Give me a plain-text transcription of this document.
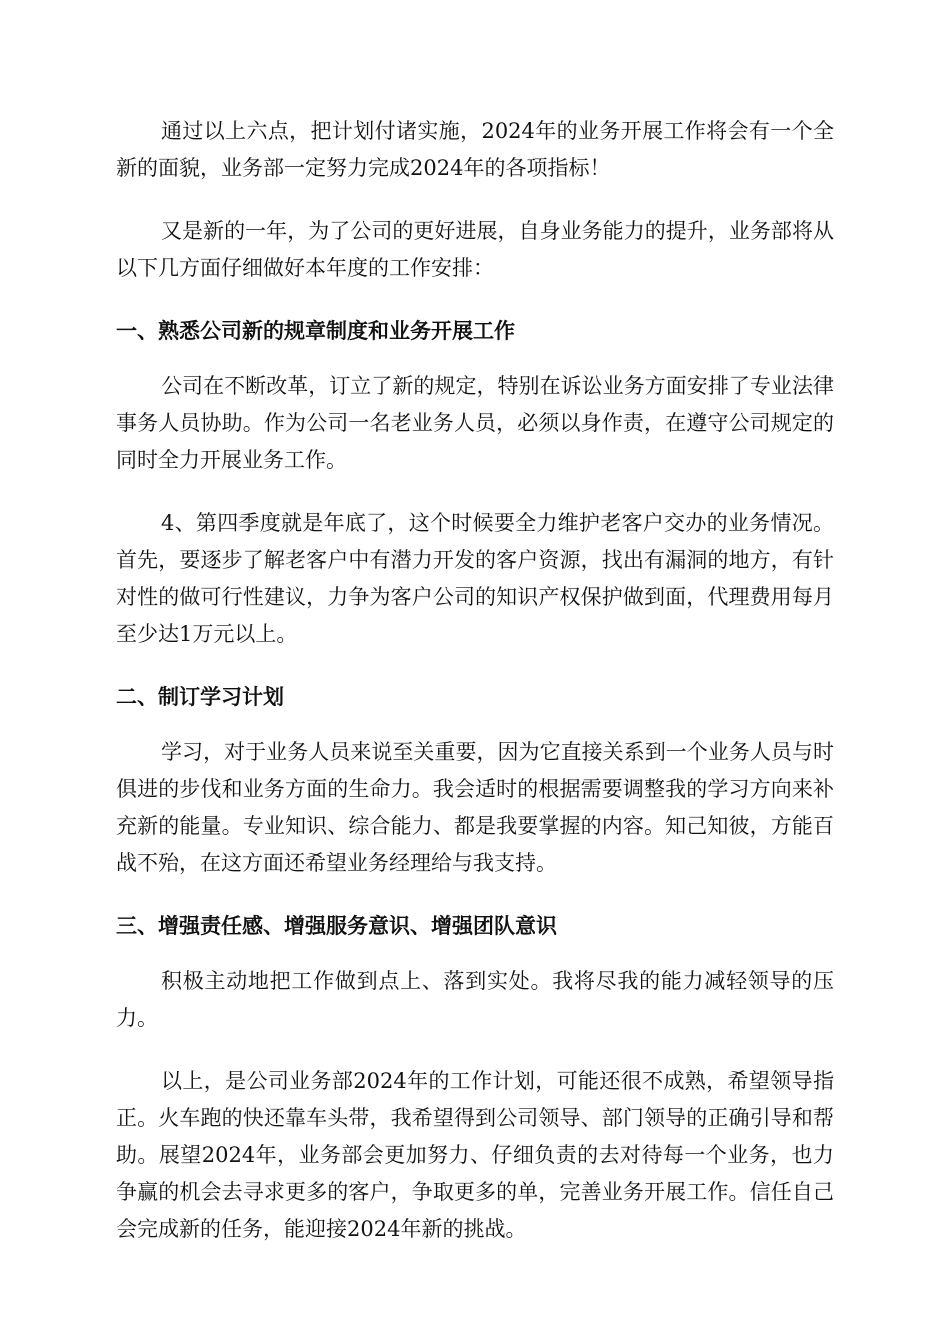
通过以上六点，把计划付诸实施，2024年的业务开展工作将会有一个全新的面貌，业务部一定努力完成2024年的各项指标！

又是新的一年，为了公司的更好进展，自身业务能力的提升，业务部将从以下几方面仔细做好本年度的工作安排：

一、熟悉公司新的规章制度和业务开展工作

公司在不断改革，订立了新的规定，特别在诉讼业务方面安排了专业法律事务人员协助。作为公司一名老业务人员，必须以身作责，在遵守公司规定的同时全力开展业务工作。

4、第四季度就是年底了，这个时候要全力维护老客户交办的业务情况。首先，要逐步了解老客户中有潜力开发的客户资源，找出有漏洞的地方，有针对性的做可行性建议，力争为客户公司的知识产权保护做到面，代理费用每月至少达1万元以上。

二、制订学习计划

学习，对于业务人员来说至关重要，因为它直接关系到一个业务人员与时俱进的步伐和业务方面的生命力。我会适时的根据需要调整我的学习方向来补充新的能量。专业知识、综合能力、都是我要掌握的内容。知己知彼，方能百战不殆，在这方面还希望业务经理给与我支持。

三、增强责任感、增强服务意识、增强团队意识

积极主动地把工作做到点上、落到实处。我将尽我的能力减轻领导的压力。

以上，是公司业务部2024年的工作计划，可能还很不成熟，希望领导指正。火车跑的快还靠车头带，我希望得到公司领导、部门领导的正确引导和帮助。展望2024年，业务部会更加努力、仔细负责的去对待每一个业务，也力争赢的机会去寻求更多的客户，争取更多的单，完善业务开展工作。信任自己会完成新的任务，能迎接2024年新的挑战。
